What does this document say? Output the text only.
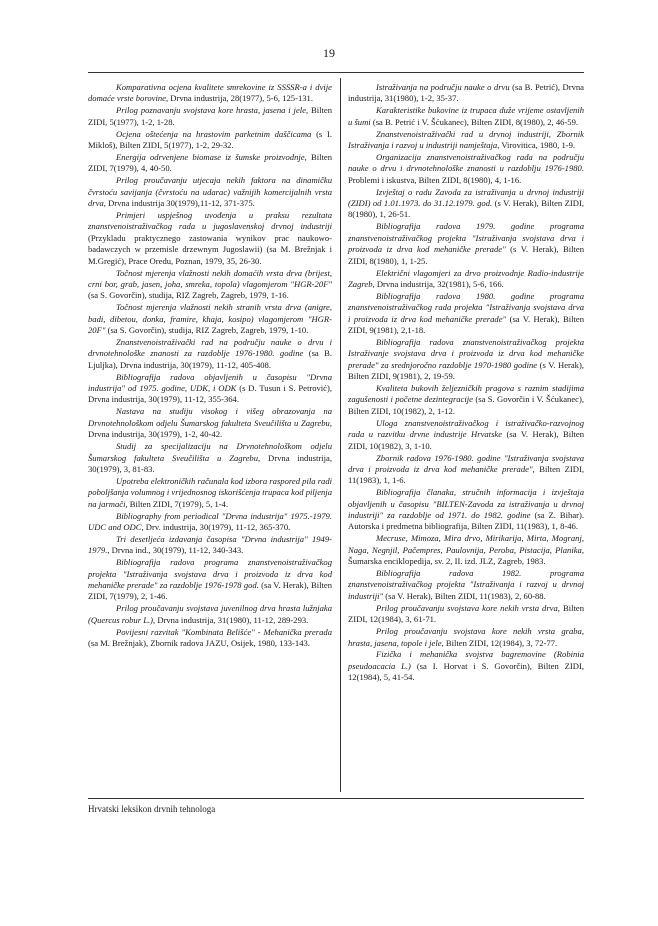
19

Komparativna ocjena kvalitete smrekovine iz SSSSR-a i dvije domaće vrste borovine, Drvna industrija, 28(1977), 5-6, 125-131.

Prilog poznavanju svojstava kore hrasta, jasena i jele, Bilten ZIDI, 5(1977), 1-2, 1-28.

Ocjena oštećenja na hrastovim parketnim daščicama (s I. Mikloš), Bilten ZIDI, 5(1977), 1-2, 29-32.

Energija odrvenjene biomase iz šumske proizvodnje, Bilten ZIDI, 7(1979), 4, 40-50.

Prilog proučavanju utjecaja nekih faktora na dinamičku čvrstoću savijanja (čvrstoću na udarac) važnijih komercijalnih vrsta drva, Drvna industrija 30(1979),11-12, 371-375.

Primjeri uspješnog uvođenja u praksu rezultata znanstvenoistraživačkog rada u jugoslavenskoj drvnoj industriji (Przykladu praktycznego zastowania wynikov prac naukowo-badawczych w przemisle drzewnym Jugoslawii) (sa M. Brežnjak i M.Gregić), Prace Oredu, Poznan, 1979, 35, 26-30.

Točnost mjerenja vlažnosti nekih domaćih vrsta drva (brijest, crni bor, grab, jasen, joha, smreka, topola) vlagomjerom "HGR-20F" (sa S. Govorčin), studija, RIZ Zagreb, Zagreb, 1979, 1-16.

Točnost mjerenja vlažnosti nekih stranih vrsta drva (anigre, badi, dibetou, donka, framire, khaja, kosipo) vlagomjerom "HGR-20F" (sa S. Govorčin), studija, RIZ Zagreb, Zagreb, 1979, 1-10.

Znanstvenoistraživački rad na području nauke o drvu i drvnotehnološke znanosti za razdoblje 1976-1980. godine (sa B. Ljuljka), Drvna industrija, 30(1979), 11-12, 405-408.

Bibliografija radova objavljenih u časopisu "Drvna industrija" od 1975. godine, UDK, i ODK (s D. Tusun i S. Petrović), Drvna industrija, 30(1979), 11-12, 355-364.

Nastava na studiju visokog i višeg obrazovanja na Drvnotehnološkom odjelu Šumarskog fakulteta Sveučilišta u Zagrebu, Drvna industrija, 30(1979), 1-2, 40-42.

Studij za specijalizaciju na Drvnotehnološkom odjelu Šumarskog fakulteta Sveučilišta u Zagrebu, Drvna industrija, 30(1979), 3, 81-83.

Upotreba elektroničkih računala kod izbora raspored pila radi poboljšanja volumnog i vrijednosnog iskorišćenja trupaca kod piljenja na jarmači, Bilten ZIDI, 7(1979), 5, 1-4.

Bibliography from periodical "Drvna industrija" 1975.-1979. UDC and ODC, Drv. industrija, 30(1979), 11-12, 365-370.

Tri desetljeća izdavanja časopisa "Drvna industrija" 1949-1979., Drvna ind., 30(1979), 11-12, 340-343.

Bibliografija radova programa znanstvenoistraživačkog projekta "Istraživanja svojstava drva i proizvoda iz drva kod mehaničke prerade" za razdoblje 1976-1978 god. (sa V. Herak), Bilten ZIDI, 7(1979), 2, 1-46.

Prilog proučavanju svojstava juvenilnog drva hrasta lužnjaka (Quercus robur L.), Drvna industrija, 31(1980), 11-12, 289-293.

Povijesni razvitak "Kombinata Belišće" - Mehanička prerada (sa M. Brežnjak), Zbornik radova JAZU, Osijek, 1980, 133-143.

Istraživanja na području nauke o drvu (sa B. Petrić), Drvna industrija, 31(1980), 1-2, 35-37.

Karakteristike bukovine iz trupaca duže vrijeme ostavljenih u šumi (sa B. Petrić i V. Šćukanec), Bilten ZIDI, 8(1980), 2, 46-59.

Znanstvenoistraživački rad u drvnoj industriji, Zbornik Istraživanja i razvoj u industriji namještaja, Virovitica, 1980, 1-9.

Organizacija znanstvenoistraživačkog rada na području nauke o drvu i drvnotehnološke znanosti u razdoblju 1976-1980. Problemi i iskustva, Bilten ZIDI, 8(1980), 4, 1-16.

Izvještaj o radu Zavoda za istraživanja u drvnoj industriji (ZIDI) od 1.01.1973. do 31.12.1979. god. (s V. Herak), Bilten ZIDI, 8(1980), 1, 26-51.

Bibliografija radova 1979. godine programa znanstvenoistraživačkog projekta "Istraživanja svojstava drva i proizvoda iz drva kod mehaničke prerade" (s V. Herak), Bilten ZIDI, 8(1980), 1, 1-25.

Električni vlagomjeri za drvo proizvodnje Radio-industrije Zagreb, Drvna industrija, 32(1981), 5-6, 166.

Bibliografija radova 1980. godine programa znanstvenoistraživačkog rada projekta "Istraživanja svojstava drva i proizvoda iz drva kod mehaničke prerade" (sa V. Herak), Bilten ZIDI, 9(1981), 2,1-18.

Bibliografija radova znanstvenoistraživačkog projekta Istraživanje svojstava drva i proizvoda iz drva kod mehaničke prerade" za srednjoročno razdoblje 1970-1980 godine (s V. Herak), Bilten ZIDI, 9(1981), 2, 19-59.

Kvaliteta bukovih željezničkih pragova s raznim stadijima zagušenosti i početne dezintegracije (sa S. Govorčin i V. Šćukanec), Bilten ZIDI, 10(1982), 2, 1-12.

Uloga znanstvenoistraživačkog i istraživačko-razvojnog rada u razvitku drvne industrije Hrvatske (sa V. Herak), Bilten ZIDI, 10(1982), 3, 1-10.

Zbornik radova 1976-1980. godine "Istraživanja svojstava drva i proizvoda iz drva kod mehaničke prerade", Bilten ZIDI, 11(1983), 1, 1-6.

Bibliografija članaka, stručnih informacija i izvještaja objavljenih u časopisu "BILTEN-Zavoda za istraživanja u drvnoj industriji" za razdoblje od 1971. do 1982. godine (sa Z. Bihar). Autorska i predmetna bibliografija, Bilten ZIDI, 11(1983), 1, 8-46.

Mecruse, Mimoza, Mira drvo, Mirikarija, Mirta, Mogranj, Naga, Negnjil, Pačempres, Paulovnija, Peroba, Pistacija, Planika, Šumarska enciklopedija, sv. 2, II. izd. JLZ, Zagreb, 1983.

Bibliografija radova 1982. programa znanstvenoistraživačkog projekta "Istraživanja i razvoj u drvnoj industriji" (sa V. Herak), Bilten ZIDI, 11(1983), 2, 60-88.

Prilog proučavanju svojstava kore nekih vrsta drva, Bilten ZIDI, 12(1984), 3, 61-71.

Prilog proučavanju svojstava kore nekih vrsta graba, hrasta, jasena, topole i jele, Bilten ZIDI, 12(1984), 3, 72-77.

Fizička i mehanička svojstva bagremovine (Robinia pseudoacacia L.) (sa I. Horvat i S. Govorčin), Bilten ZIDI, 12(1984), 5, 41-54.

Hrvatski leksikon drvnih tehnologa
